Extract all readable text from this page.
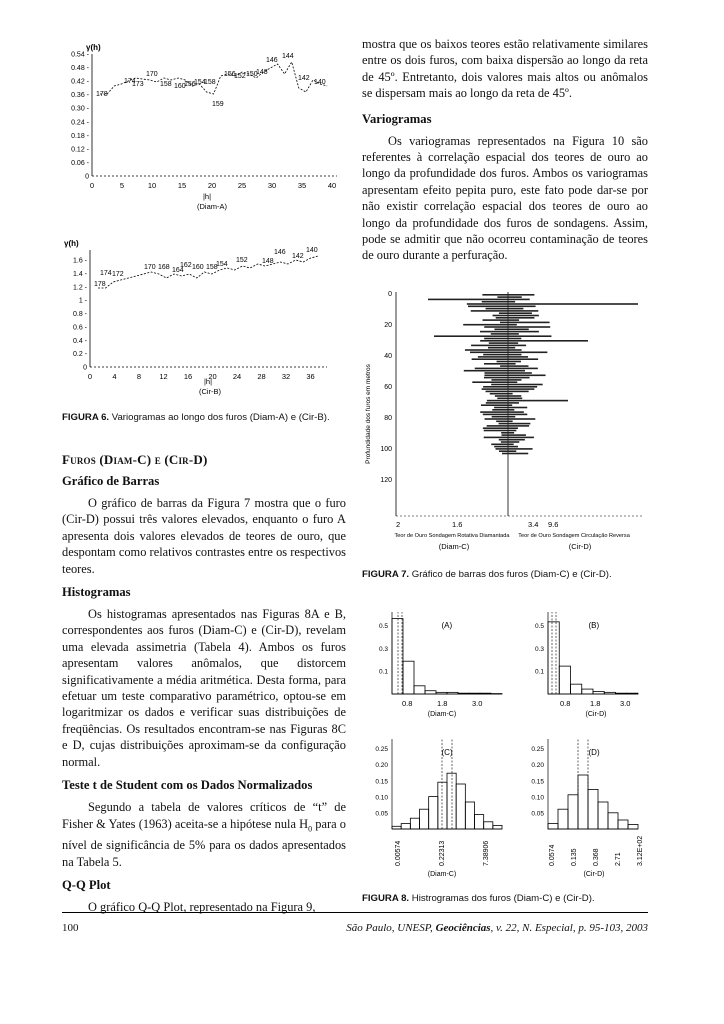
γ(h)
0
0.06 -
0.12 -
0.18 -
0.24 -
0.30 -
0.36 -
0.42 -
0.48 -
0.54 -
0	5	10	15	20	25	30	35	40
178
174
173
170
158 160
156
154
158
159
156
152 150
148
146
144
142
140
|h|
(Diam-A)
γ(h)
0
0.2 -
0.4 -
0.6 -
0.8 -
1 -
1.2 -
1.4 -
1.6 -
0	4	8 12 16 20 24 28 32 36
178
174 172
170 168 164
162 160 158
154
152 148
146
142
140
|h|
(Cir-B)
FIGURA 6. Variogramas ao longo dos furos (Diam-A) e (Cir-B).
Furos (Diam-C) e (Cir-D)
Gráfico de Barras

O gráfico de barras da Figura 7 mostra que o furo (Cir-D) possui três valores elevados, enquanto o furo A apresenta dois valores elevados de teores de ouro, que despontam como relativos contrastes entre os respectivos teores.

Histogramas

Os histogramas apresentados nas Figuras 8A e B, correspondentes aos furos (Diam-C) e (Cir-D), revelam uma elevada assimetria (Tabela 4). Ambos os furos apresentam valores anômalos, que distorcem significativamente a média aritmética. Desta forma, para efetuar um teste comparativo paramétrico, optou-se em logaritmizar os dados e verificar suas distribuições de freqüências. Os resultados encontram-se nas Figuras 8C e D, cujas distribuições aproximam-se da configuração normal.

Teste t de Student com os Dados Normalizados

Segundo a tabela de valores críticos de “t” de Fisher & Yates (1963) aceita-se a hipótese nula $H_0$ para o nível de significância de 5% para os dados apresentados na Tabela 5.

Q-Q Plot

O gráfico Q-Q Plot, representado na Figura 9,

mostra que os baixos teores estão relativamente similares entre os dois furos, com baixa dispersão ao longo da reta de 45º. Entretanto, dois valores mais altos ou anômalos se dispersam mais ao longo da reta de 45º.

Variogramas

Os variogramas representados na Figura 10 são referentes à correlação espacial dos teores de ouro ao longo da profundidade dos furos. Ambos os variogramas apresentam efeito pepita puro, este fato pode dar-se por não existir correlação espacial dos teores de ouro ao longo da profundidade dos furos de sondagens. Assim, pode se admitir que não ocorreu contaminação de teores de ouro durante a perfuração.

Profundidade dos furos em metros
0
20
40
60
80
100
120
2	1.6	3.4 9.6
Teor de Ouro Sondagem Rotativa Diamantada Teor de Ouro Sondagem Circulação Reversa
(Diam-C)	(Cir-D)
FIGURA 7. Gráfico de barras dos furos (Diam-C) e (Cir-D).
(A)
0.1
0.3
0.5
0.8	1.8	3.0
(Diam-C)
(B)
0.1
0.3
0.5
0.8	1.8	3.0
(Cir-D)
(C)
0.05
0.10
0.15
0.20
0.25
0.00574	0.22313	7.38906
(Diam-C)
(D)
0.05
0.10
0.15
0.20
0.25
0.0574 0.135 0.368 2.71 3.12E+02
(Cir-D)
FIGURA 8. Histrogramas dos furos (Diam-C) e (Cir-D).
100	São Paulo, UNESP, Geociências, v. 22, N. Especial, p. 95-103, 2003
